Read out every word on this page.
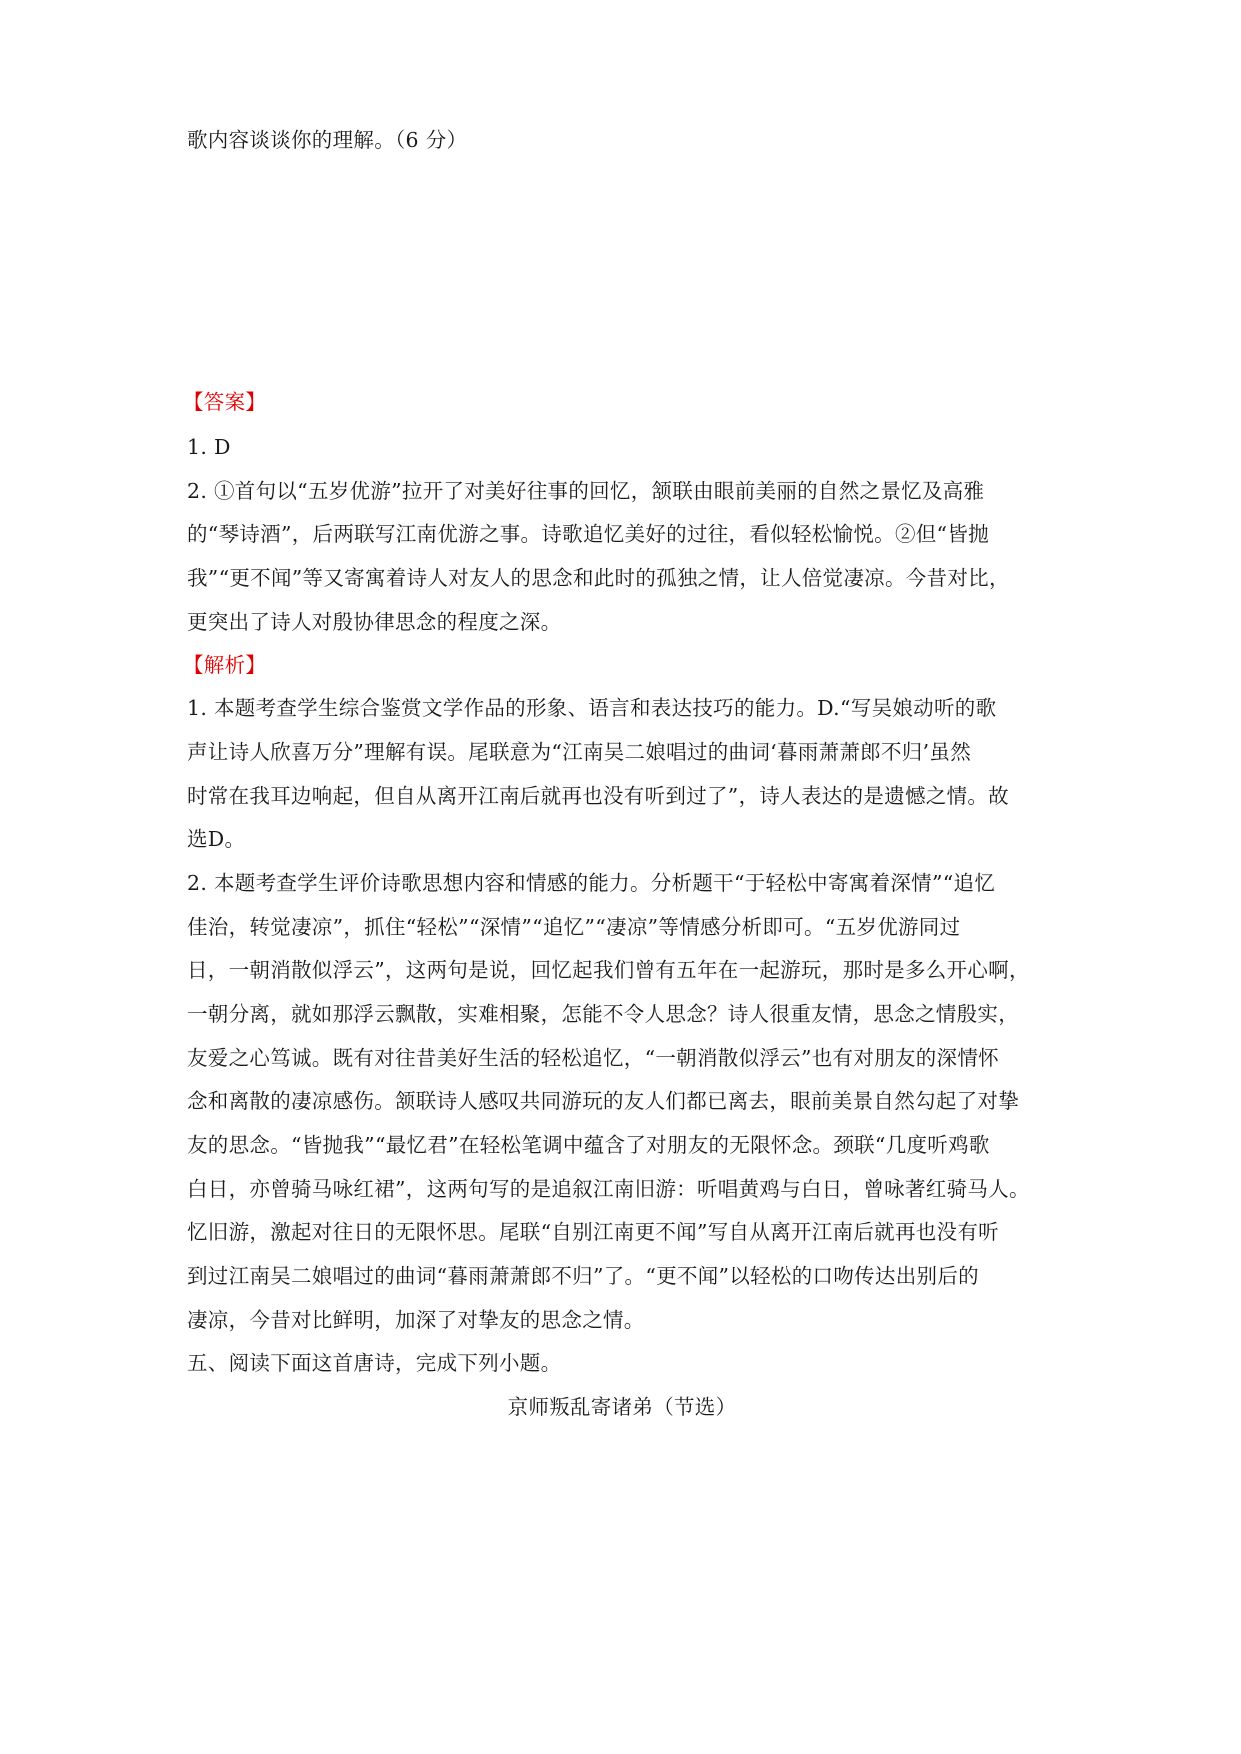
歌内容谈谈你的理解。（6 分）
【答案】
1. D
2. ①首句以“五岁优游”拉开了对美好往事的回忆，颔联由眼前美丽的自然之景忆及高雅
的“琴诗酒”，后两联写江南优游之事。诗歌追忆美好的过往，看似轻松愉悦。②但“皆抛
我”“更不闻”等又寄寓着诗人对友人的思念和此时的孤独之情，让人倍觉凄凉。今昔对比，
更突出了诗人对殷协律思念的程度之深。
【解析】
1. 本题考查学生综合鉴赏文学作品的形象、语言和表达技巧的能力。D.“写吴娘动听的歌
声让诗人欣喜万分”理解有误。尾联意为“江南吴二娘唱过的曲词‘暮雨萧萧郎不归’虽然
时常在我耳边响起，但自从离开江南后就再也没有听到过了”，诗人表达的是遗憾之情。故
选D。
2. 本题考查学生评价诗歌思想内容和情感的能力。分析题干“于轻松中寄寓着深情”“追忆
佳治，转觉凄凉”，抓住“轻松”“深情”“追忆”“凄凉”等情感分析即可。“五岁优游同过
日，一朝消散似浮云”，这两句是说，回忆起我们曾有五年在一起游玩，那时是多么开心啊，
一朝分离，就如那浮云飘散，实难相聚，怎能不令人思念？诗人很重友情，思念之情殷实，
友爱之心笃诚。既有对往昔美好生活的轻松追忆，“一朝消散似浮云”也有对朋友的深情怀
念和离散的凄凉感伤。颔联诗人感叹共同游玩的友人们都已离去，眼前美景自然勾起了对挚
友的思念。“皆抛我”“最忆君”在轻松笔调中蕴含了对朋友的无限怀念。颈联“几度听鸡歌
白日，亦曾骑马咏红裙”，这两句写的是追叙江南旧游：听唱黄鸡与白日，曾咏著红骑马人。
忆旧游，激起对往日的无限怀思。尾联“自别江南更不闻”写自从离开江南后就再也没有听
到过江南吴二娘唱过的曲词“暮雨萧萧郎不归”了。“更不闻”以轻松的口吻传达出别后的
凄凉，今昔对比鲜明，加深了对挚友的思念之情。
五、阅读下面这首唐诗，完成下列小题。
京师叛乱寄诸弟（节选）
